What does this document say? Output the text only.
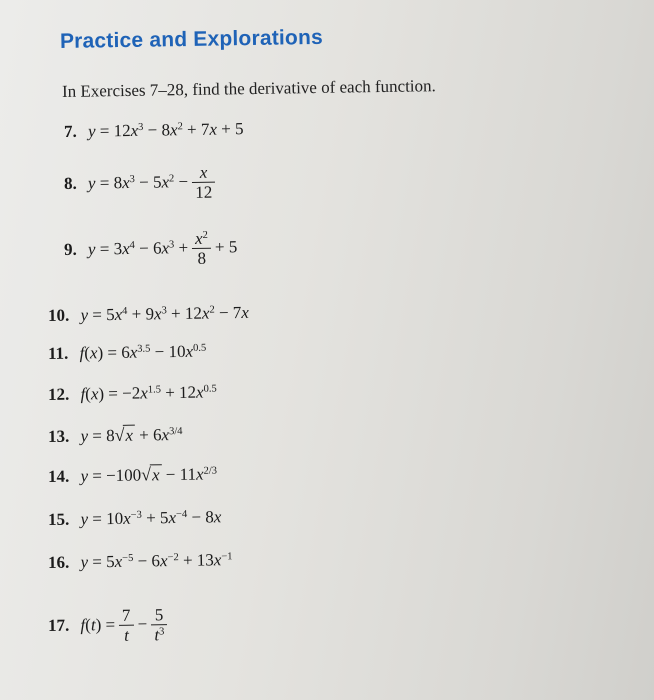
Practice and Explorations
In Exercises 7–28, find the derivative of each function.
7. $y = 12x^3 - 8x^2 + 7x + 5$
8. $y = 8x^3 - 5x^2 - \frac{x}{12}$
9. $y = 3x^4 - 6x^3 + \frac{x^2}{8} + 5$
10. $y = 5x^4 + 9x^3 + 12x^2 - 7x$
11. $f(x) = 6x^{3.5} - 10x^{0.5}$
12. $f(x) = -2x^{1.5} + 12x^{0.5}$
13. $y = 8√x + 6x^{3/4}$
14. $y = -100√x - 11x^{2/3}$
15. $y = 10x^{-3} + 5x^{-4} - 8x$
16. $y = 5x^{-5} - 6x^{-2} + 13x^{-1}$
17. $f(t) = \frac{7}{t} - \frac{5}{t^3}$
